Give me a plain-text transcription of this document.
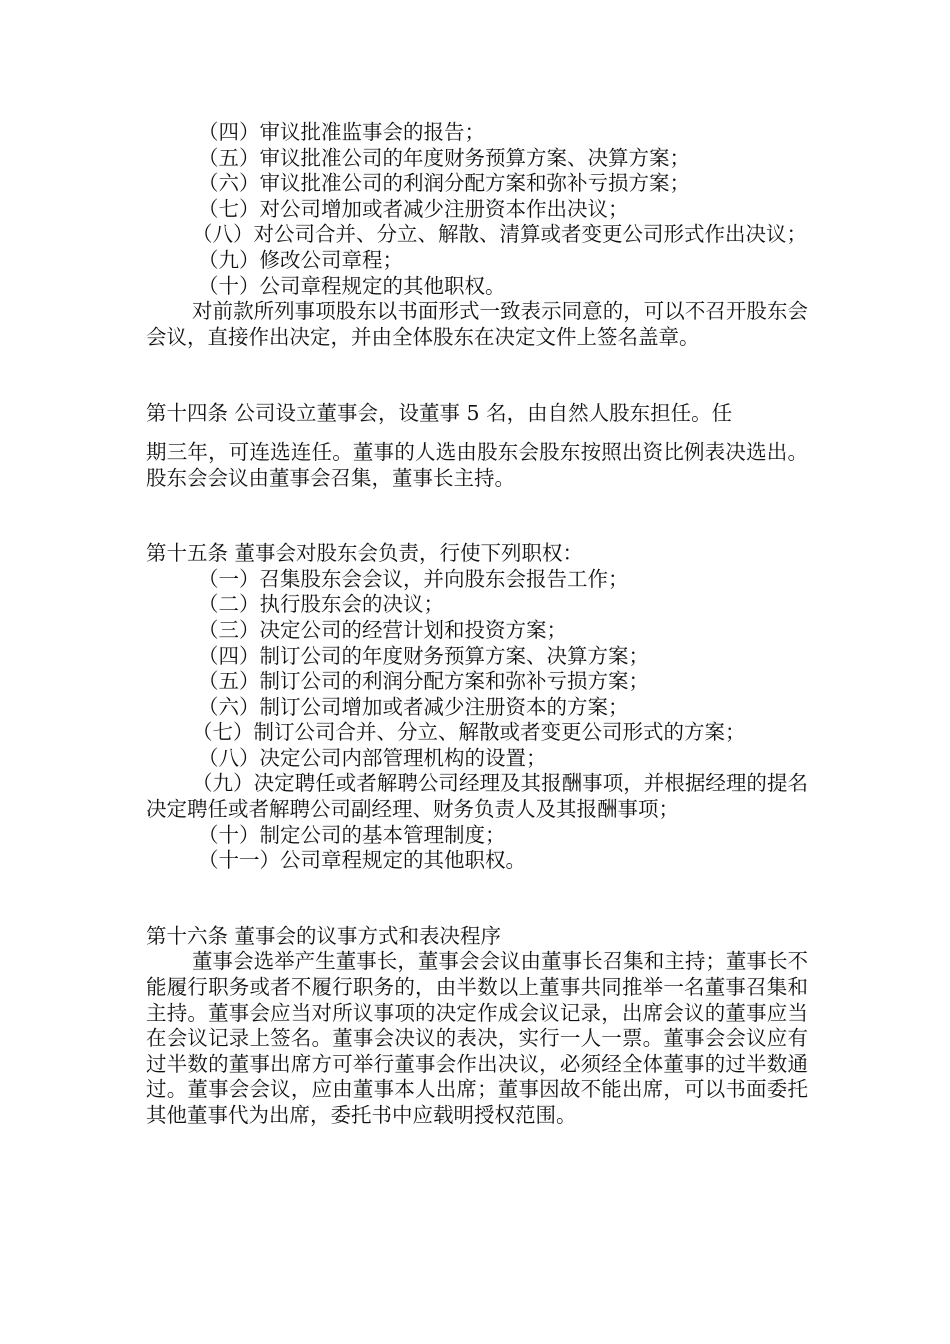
（四）审议批准监事会的报告；
（五）审议批准公司的年度财务预算方案、决算方案；
（六）审议批准公司的利润分配方案和弥补亏损方案；
（七）对公司增加或者减少注册资本作出决议；
（八）对公司合并、分立、解散、清算或者变更公司形式作出决议；
（九）修改公司章程；
（十）公司章程规定的其他职权。
对前款所列事项股东以书面形式一致表示同意的，可以不召开股东会会议，直接作出决定，并由全体股东在决定文件上签名盖章。
第十四条 公司设立董事会，设董事 5 名，由自然人股东担任。任
期三年，可连选连任。董事的人选由股东会股东按照出资比例表决选出。股东会会议由董事会召集，董事长主持。
第十五条 董事会对股东会负责，行使下列职权：
（一）召集股东会会议，并向股东会报告工作；
（二）执行股东会的决议；
（三）决定公司的经营计划和投资方案；
（四）制订公司的年度财务预算方案、决算方案；
（五）制订公司的利润分配方案和弥补亏损方案；
（六）制订公司增加或者减少注册资本的方案；
（七）制订公司合并、分立、解散或者变更公司形式的方案；
（八）决定公司内部管理机构的设置；
（九）决定聘任或者解聘公司经理及其报酬事项，并根据经理的提名决定聘任或者解聘公司副经理、财务负责人及其报酬事项；
（十）制定公司的基本管理制度；
（十一）公司章程规定的其他职权。
第十六条 董事会的议事方式和表决程序
董事会选举产生董事长，董事会会议由董事长召集和主持；董事长不能履行职务或者不履行职务的，由半数以上董事共同推举一名董事召集和主持。董事会应当对所议事项的决定作成会议记录，出席会议的董事应当在会议记录上签名。董事会决议的表决，实行一人一票。董事会会议应有过半数的董事出席方可举行董事会作出决议，必须经全体董事的过半数通过。董事会会议，应由董事本人出席；董事因故不能出席，可以书面委托其他董事代为出席，委托书中应载明授权范围。
